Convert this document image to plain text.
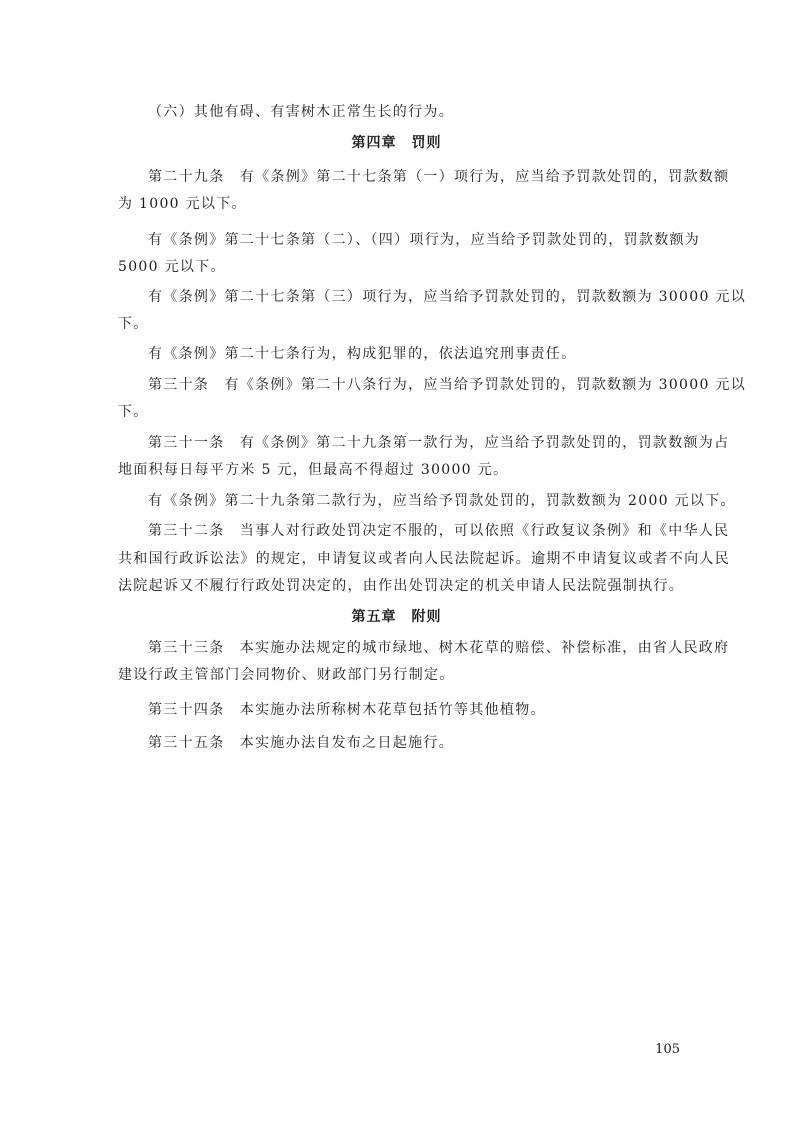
（六）其他有碍、有害树木正常生长的行为。
第四章　罚则
第二十九条　有《条例》第二十七条第（一）项行为，应当给予罚款处罚的，罚款数额
为 1000 元以下。
有《条例》第二十七条第（二）、（四）项行为，应当给予罚款处罚的，罚款数额为
5000 元以下。
有《条例》第二十七条第（三）项行为，应当给予罚款处罚的，罚款数额为 30000 元以
下。
有《条例》第二十七条行为，构成犯罪的，依法追究刑事责任。
第三十条　有《条例》第二十八条行为，应当给予罚款处罚的，罚款数额为 30000 元以
下。
第三十一条　有《条例》第二十九条第一款行为，应当给予罚款处罚的，罚款数额为占
地面积每日每平方米 5 元，但最高不得超过 30000 元。
有《条例》第二十九条第二款行为，应当给予罚款处罚的，罚款数额为 2000 元以下。
第三十二条　当事人对行政处罚决定不服的，可以依照《行政复议条例》和《中华人民
共和国行政诉讼法》的规定，申请复议或者向人民法院起诉。逾期不申请复议或者不向人民
法院起诉又不履行行政处罚决定的，由作出处罚决定的机关申请人民法院强制执行。
第五章　附则
第三十三条　本实施办法规定的城市绿地、树木花草的赔偿、补偿标准，由省人民政府
建设行政主管部门会同物价、财政部门另行制定。
第三十四条　本实施办法所称树木花草包括竹等其他植物。
第三十五条　本实施办法自发布之日起施行。
105
